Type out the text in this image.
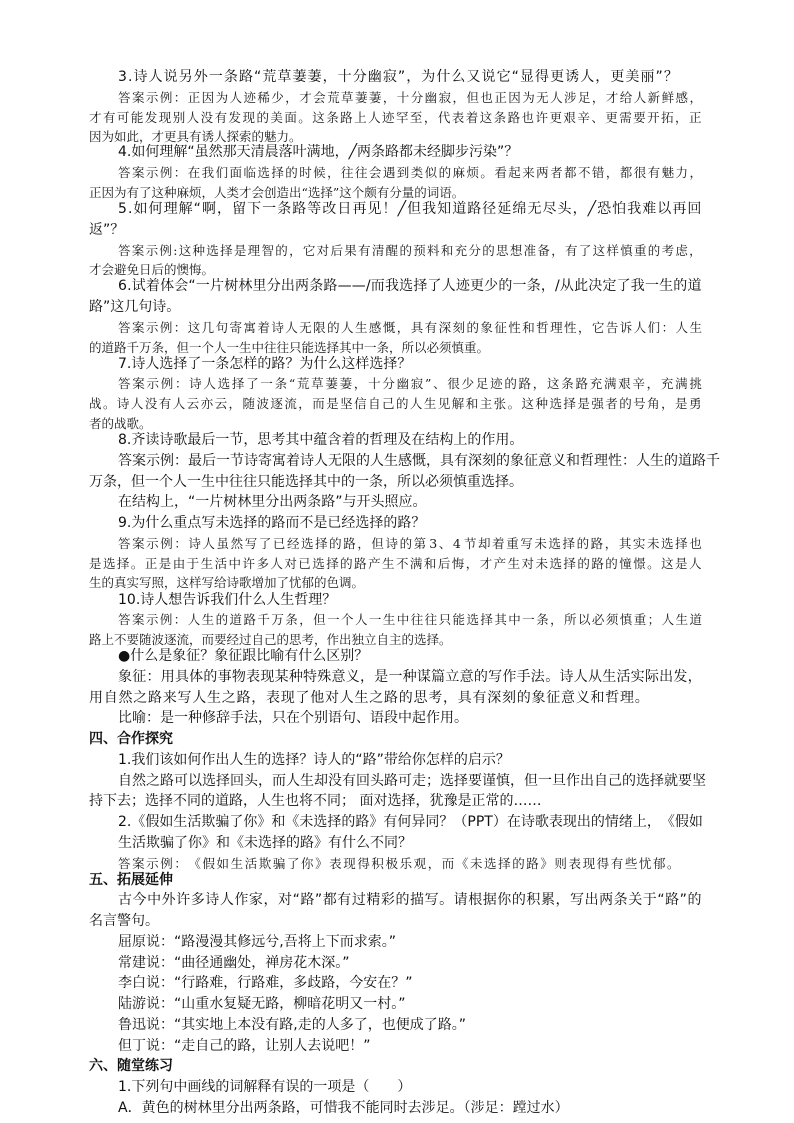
3 . 诗 人 说 另 外 一 条 路 “ 荒 草 萋 萋 ， 十 分 幽 寂 ” ， 为 什 么 又 说 它 “ 显 得 更 诱 人 ， 更 美 丽 ” ？
答 案 示 例 ： 正 因 为 人 迹 稀 少 ， 才 会 荒 草 萋 萋 ， 十 分 幽 寂 ， 但 也 正 因 为 无 人 涉 足 ， 才 给 人 新 鲜 感 ，
才 有 可 能 发 现 别 人 没 有 发 现 的 美 面 。 这 条 路 上 人 迹 罕 至 ， 代 表 着 这 条 路 也 许 更 艰 辛 、 更 需 要 开 拓 ， 正
因为如此，才更具有诱人探索的魅力。
4.如何理解“虽然那天清晨落叶满地，╱两条路都未经脚步污染”？
答 案 示 例 ： 在 我 们 面 临 选 择 的 时 候 ， 往 往 会 遇 到 类 似 的 麻 烦 。 看 起 来 两 者 都 不 错 ， 都 很 有 魅 力 ，
正因为有了这种麻烦，人类才会创造出“选择”这个颇有分量的词语。
5 . 如 何 理 解 “ 啊 ， 留 下 一 条 路 等 改 日 再 见 ！ ╱ 但 我 知 道 路 径 延 绵 无 尽 头 ， ╱ 恐 怕 我 难 以 再 回
返”？
答 案 示 例 : 这 种 选 择 是 理 智 的 ， 它 对 后 果 有 清 醒 的 预 料 和 充 分 的 思 想 准 备 ， 有 了 这 样 慎 重 的 考 虑 ，
才会避免日后的懊悔。
6 . 试 着 体 会 “ 一 片 树 林 里 分 出 两 条 路 — — / 而 我 选 择 了 人 迹 更 少 的 一 条 ， / 从 此 决 定 了 我 一 生 的 道
路”这几句诗。
答 案 示 例 ： 这 几 句 寄 寓 着 诗 人 无 限 的 人 生 感 慨 ， 具 有 深 刻 的 象 征 性 和 哲 理 性 ， 它 告 诉 人 们 ： 人 生
的道路千万条，但一个人一生中往往只能选择其中一条，所以必须慎重。
7.诗人选择了一条怎样的路？为什么这样选择？
答 案 示 例 ： 诗 人 选 择 了 一 条 “ 荒 草 萋 萋 ， 十 分 幽 寂 ” 、 很 少 足 迹 的 路 ， 这 条 路 充 满 艰 辛 ， 充 满 挑
战 。 诗 人 没 有 人 云 亦 云 ， 随 波 逐 流 ， 而 是 坚 信 自 己 的 人 生 见 解 和 主 张 。 这 种 选 择 是 强 者 的 号 角 ， 是 勇
者的战歌。
8.齐读诗歌最后一节，思考其中蕴含着的哲理及在结构上的作用。
答 案 示 例 ： 最 后 一 节 诗 寄 寓 着 诗 人 无 限 的 人 生 感 慨 ， 具 有 深 刻 的 象 征 意 义 和 哲 理 性 ： 人 生 的 道 路 千
万条，但一个人一生中往往只能选择其中的一条，所以必须慎重选择。
在结构上，“一片树林里分出两条路”与开头照应。
9.为什么重点写未选择的路而不是已经选择的路？
答 案 示 例 ： 诗 人 虽 然 写 了 已 经 选 择 的 路 ， 但 诗 的 第 3 、 4 节 却 着 重 写 未 选 择 的 路 ， 其 实 未 选 择 也
是 选 择 。 正 是 由 于 生 活 中 许 多 人 对 已 选 择 的 路 产 生 不 满 和 后 悔 ， 才 产 生 对 未 选 择 的 路 的 憧 憬 。 这 是 人
生的真实写照，这样写给诗歌增加了忧郁的色调。
10.诗人想告诉我们什么人生哲理？
答 案 示 例 ： 人 生 的 道 路 千 万 条 ， 但 一 个 人 一 生 中 往 往 只 能 选 择 其 中 一 条 ， 所 以 必 须 慎 重 ； 人 生 道
路上不要随波逐流，而要经过自己的思考，作出独立自主的选择。
●什么是象征？象征跟比喻有什么区别？
象 征 ： 用 具 体 的 事 物 表 现 某 种 特 殊 意 义 ， 是 一 种 谋 篇 立 意 的 写 作 手 法 。 诗 人 从 生 活 实 际 出 发 ，
用 自 然 之 路 来 写 人 生 之 路 ， 表 现 了 他 对 人 生 之 路 的 思 考 ， 具 有 深 刻 的 象 征 意 义 和 哲 理 。
比喻：是一种修辞手法，只在个别语句、语段中起作用。
四、合作探究
1.我们该如何作出人生的选择？诗人的“路”带给你怎样的启示？
自 然 之 路 可 以 选 择 回 头 ， 而 人 生 却 没 有 回 头 路 可 走 ； 选 择 要 谨 慎 ， 但 一 旦 作 出 自 己 的 选 择 就 要 坚
持下去；选择不同的道路，人生也将不同； 面对选择，犹豫是正常的……
2 . 《 假 如 生 活 欺 骗 了 你 》 和 《 未 选 择 的 路 》 有 何 异 同 ？ （ P P T ） 在 诗 歌 表 现 出 的 情 绪 上 ， 《 假 如
生活欺骗了你》和《未选择的路》有什么不同？
答 案 示 例 ： 《 假 如 生 活 欺 骗 了 你 》 表 现 得 积 极 乐 观 ， 而 《 未 选 择 的 路 》 则 表 现 得 有 些 忧 郁 。
五、拓展延伸
古 今 中 外 许 多 诗 人 作 家 ， 对 “ 路 ” 都 有 过 精 彩 的 描 写 。 请 根 据 你 的 积 累 ， 写 出 两 条 关 于 “ 路 ” 的
名言警句。
屈原说：“路漫漫其修远兮,吾将上下而求索。”
常建说：“曲径通幽处，禅房花木深。”
李白说：“行路难，行路难，多歧路，今安在？”
陆游说：“山重水复疑无路，柳暗花明又一村。”
鲁迅说：“其实地上本没有路,走的人多了，也便成了路。”
但丁说：“走自己的路，让别人去说吧！”
六、随堂练习
1.下列句中画线的词解释有误的一项是（　　）
A．黄色的树林里分出两条路，可惜我不能同时去涉足。（涉足：蹚过水）
